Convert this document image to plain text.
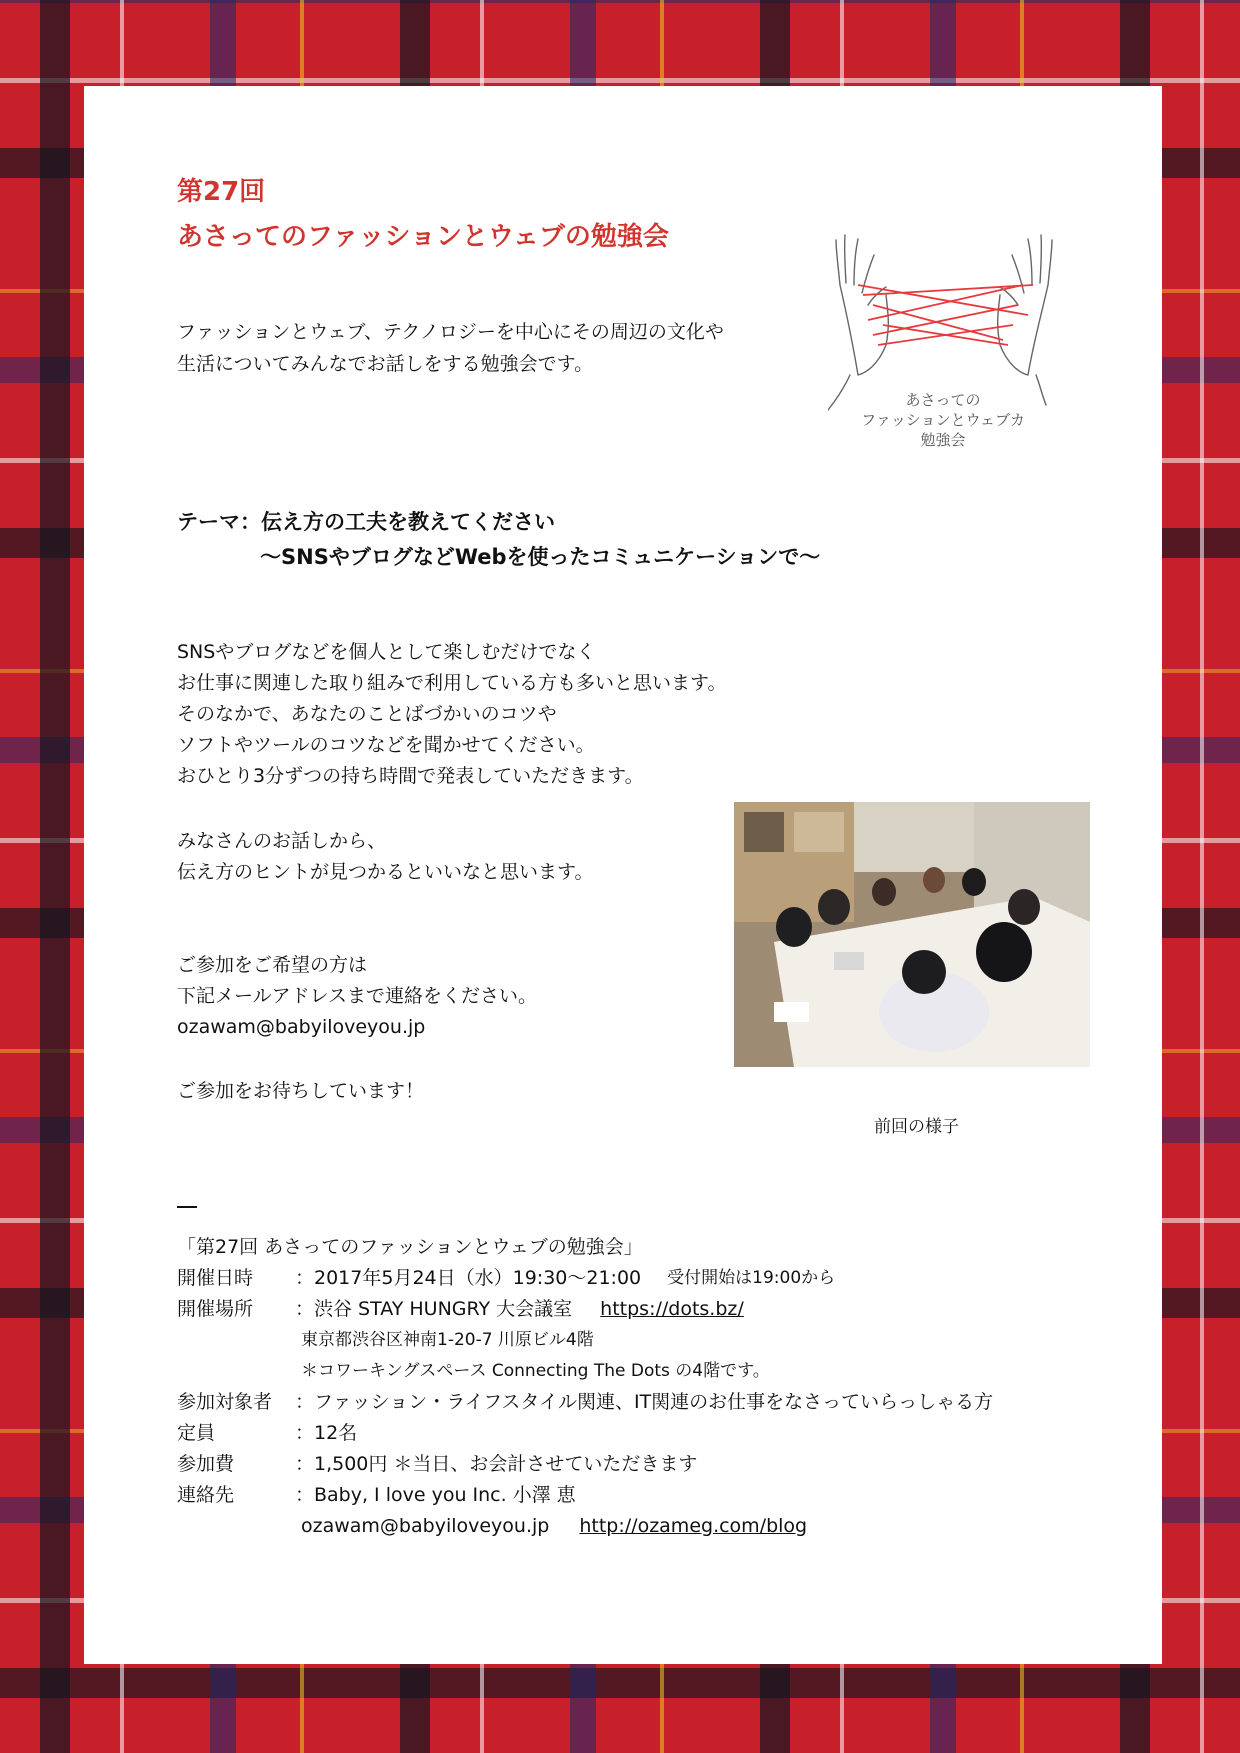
第27回
あさってのファッションとウェブの勉強会
ファッションとウェブ、テクノロジーを中心にその周辺の文化や
生活についてみんなでお話しをする勉強会です。
あさっての
ファッションとウェブカ
勉強会
テーマ：伝え方の工夫を教えてください
〜SNSやブログなどWebを使ったコミュニケーションで〜
SNSやブログなどを個人として楽しむだけでなく
お仕事に関連した取り組みで利用している方も多いと思います。
そのなかで、あなたのことばづかいのコツや
ソフトやツールのコツなどを聞かせてください。
おひとり3分ずつの持ち時間で発表していただきます。
みなさんのお話しから、
伝え方のヒントが見つかるといいなと思います。
ご参加をご希望の方は
下記メールアドレスまで連絡をください。
ozawam@babyiloveyou.jp
ご参加をお待ちしています！
前回の様子
「第27回 あさってのファッションとウェブの勉強会」
開催日時	：2017年5月24日（水）19:30〜21:00	受付開始は19:00から
開催場所	：渋谷 STAY HUNGRY 大会議室	https://dots.bz/
東京都渋谷区神南1-20-7 川原ビル4階
＊コワーキングスペース Connecting The Dots の4階です。
参加対象者	：ファッション・ライフスタイル関連、IT関連のお仕事をなさっていらっしゃる方
定員	：12名
参加費	：1,500円 ＊当日、お会計させていただきます
連絡先	：Baby, I love you Inc. 小澤 恵
ozawam@babyiloveyou.jp	http://ozameg.com/blog
